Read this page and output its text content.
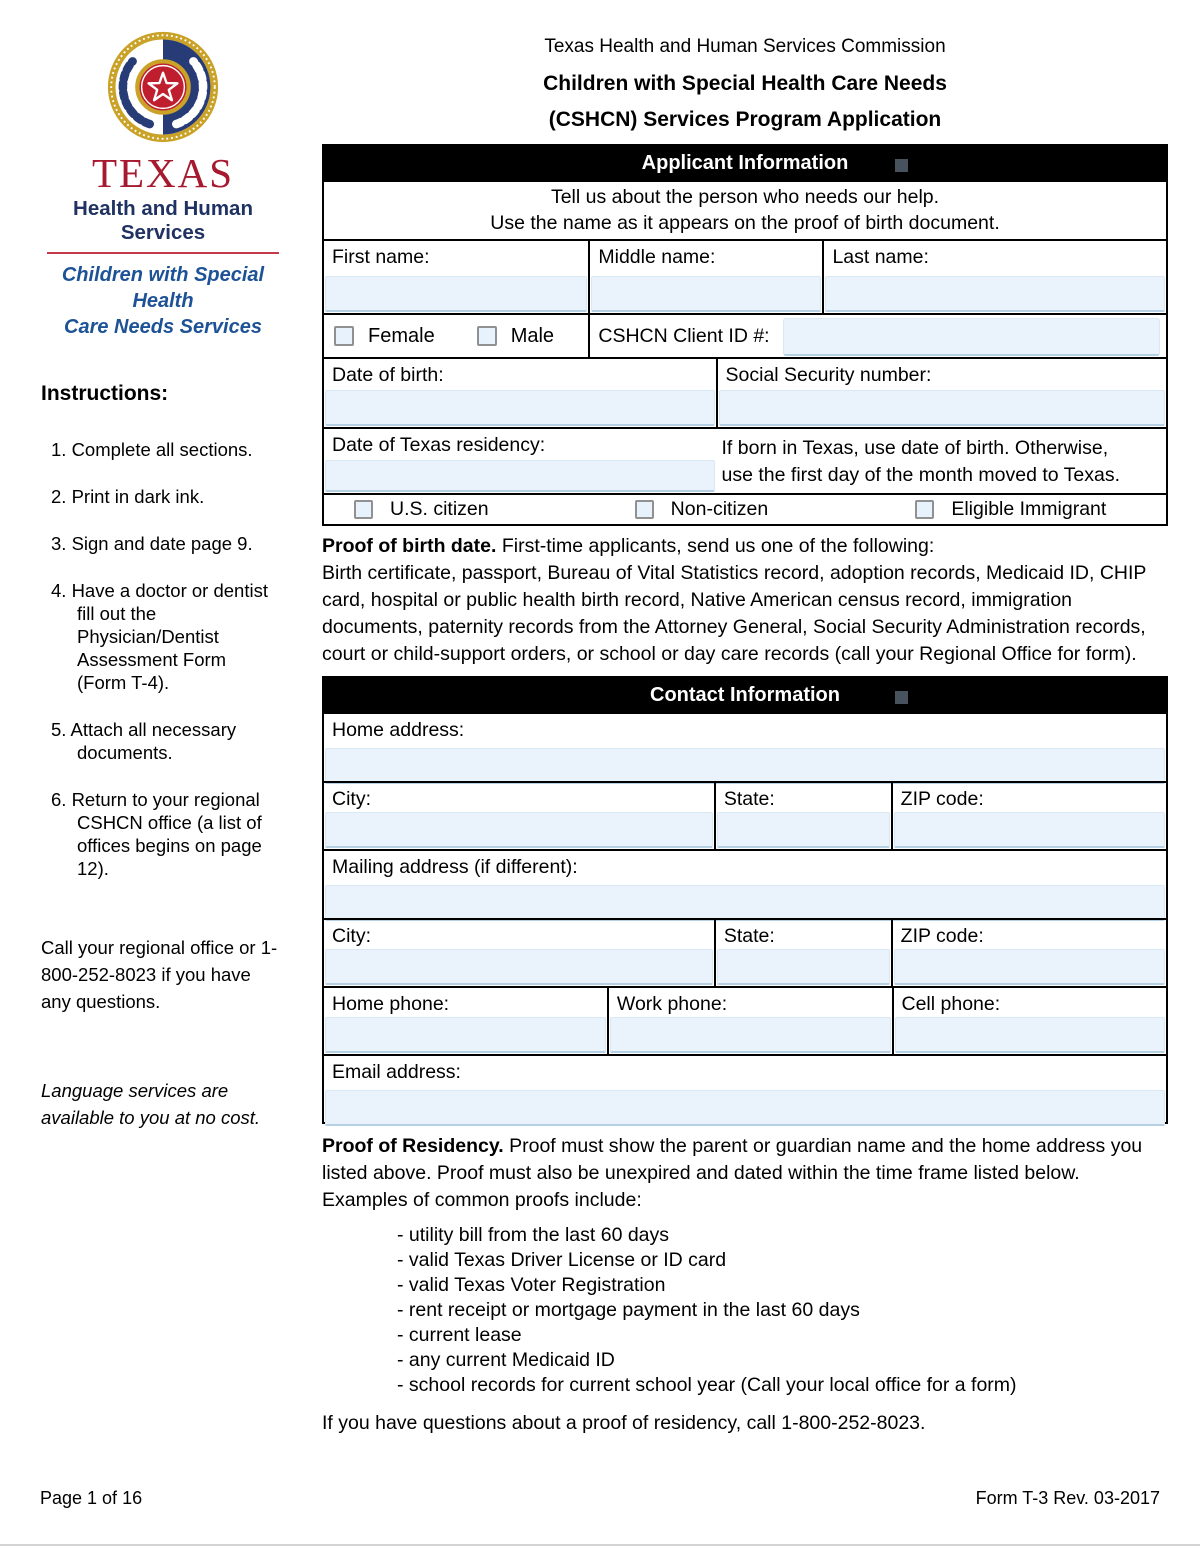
TEXAS
Health and Human Services
Children with Special Health
Care Needs Services
Instructions:
1. Complete all sections.
2. Print in dark ink.
3. Sign and date page 9.
4. Have a doctor or dentist fill out the Physician/Dentist Assessment Form (Form T-4).
5. Attach all necessary documents.
6. Return to your regional CSHCN office (a list of offices begins on page 12).
Call your regional office or 1-800-252-8023 if you have any questions.
Language services are available to you at no cost.
Texas Health and Human Services Commission
Children with Special Health Care Needs
(CSHCN) Services Program Application
Applicant Information
Tell us about the person who needs our help.
Use the name as it appears on the proof of birth document.
First name:	Middle name:	Last name:
Female	Male CSHCN Client ID #:
Date of birth:	Social Security number:
Date of Texas residency:	If born in Texas, use date of birth. Otherwise,
use the first day of the month moved to Texas.
U.S. citizen	Non-citizen	Eligible Immigrant
Proof of birth date. First-time applicants, send us one of the following:
Birth certificate, passport, Bureau of Vital Statistics record, adoption records, Medicaid ID, CHIP card, hospital or public health birth record, Native American census record, immigration documents, paternity records from the Attorney General, Social Security Administration records, court or child-support orders, or school or day care records (call your Regional Office for form).
Contact Information
Home address:
City:	State:	ZIP code:
Mailing address (if different):
City:	State:	ZIP code:
Home phone:	Work phone:	Cell phone:
Email address:
Proof of Residency. Proof must show the parent or guardian name and the home address you listed above. Proof must also be unexpired and dated within the time frame listed below. Examples of common proofs include:
- utility bill from the last 60 days
- valid Texas Driver License or ID card
- valid Texas Voter Registration
- rent receipt or mortgage payment in the last 60 days
- current lease
- any current Medicaid ID
- school records for current school year (Call your local office for a form)
If you have questions about a proof of residency, call 1-800-252-8023.
Page 1 of 16	Form T-3 Rev. 03-2017
